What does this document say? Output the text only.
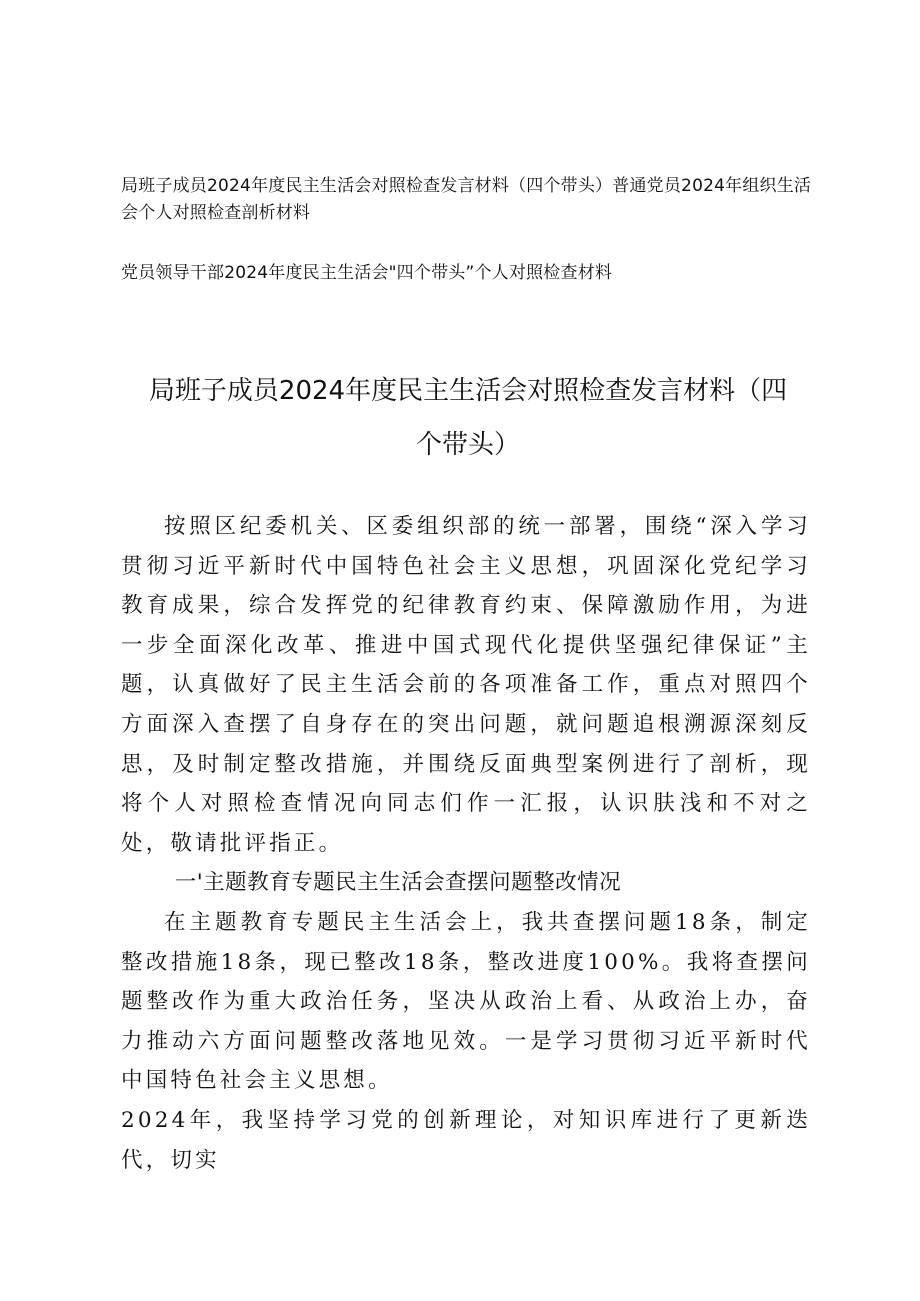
局班子成员2024年度民主生活会对照检查发言材料（四个带头）普通党员2024年组织生活会个人对照检查剖析材料

党员领导干部2024年度民主生活会"四个带头”个人对照检查材料

局班子成员2024年度民主生活会对照检查发言材料（四个带头）

按照区纪委机关、区委组织部的统一部署，围绕“深入学习贯彻习近平新时代中国特色社会主义思想，巩固深化党纪学习教育成果，综合发挥党的纪律教育约束、保障激励作用，为进一步全面深化改革、推进中国式现代化提供坚强纪律保证”主题，认真做好了民主生活会前的各项准备工作，重点对照四个方面深入查摆了自身存在的突出问题，就问题追根溯源深刻反思，及时制定整改措施，并围绕反面典型案例进行了剖析，现将个人对照检查情况向同志们作一汇报，认识肤浅和不对之处，敬请批评指正。

一'主题教育专题民主生活会查摆问题整改情况

在主题教育专题民主生活会上，我共查摆问题18条，制定整改措施18条，现已整改18条，整改进度100%。我将查摆问题整改作为重大政治任务，坚决从政治上看、从政治上办，奋力推动六方面问题整改落地见效。一是学习贯彻习近平新时代中国特色社会主义思想。

2024年，我坚持学习党的创新理论，对知识库进行了更新迭代，切实
